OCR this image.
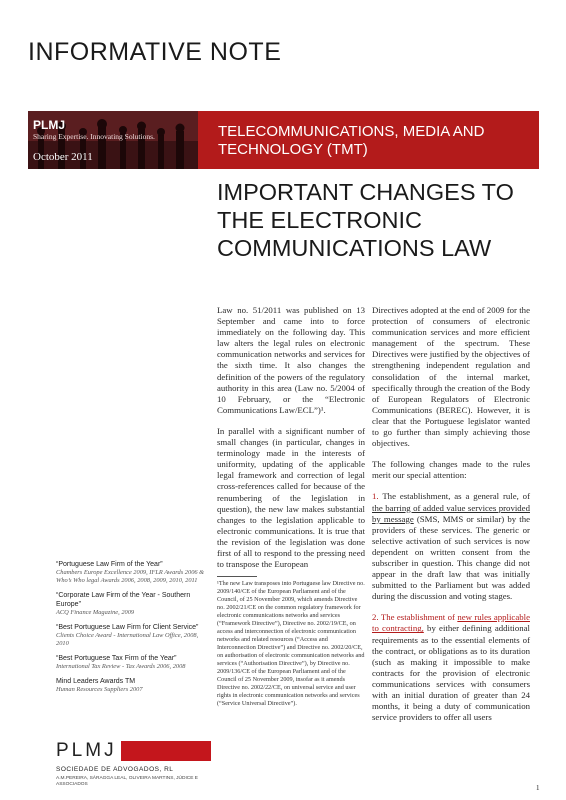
INFORMATIVE NOTE
PLMJ
Sharing Expertise. Innovating Solutions.
October 2011
TELECOMMUNICATIONS, MEDIA AND TECHNOLOGY (TMT)
IMPORTANT CHANGES TO THE ELECTRONIC COMMUNICATIONS LAW

Law no. 51/2011 was published on 13 September and came into to force immediately on the following day. This law alters the legal rules on electronic communication networks and services for the sixth time. It also changes the definition of the powers of the regulatory authority in this area (Law no. 5/2004 of 10 February, or the “Electronic Communications Law/ECL”)¹.

In parallel with a significant number of small changes (in particular, changes in terminology made in the interests of uniformity, updating of the applicable legal framework and correction of legal cross-references called for because of the renumbering of the legislation in question), the new law makes substantial changes to the legislation applicable to electronic communications. It is true that the revision of the legislation was done first of all to respond to the pressing need to transpose the European

Directives adopted at the end of 2009 for the protection of consumers of electronic communication services and more efficient management of the spectrum. These Directives were justified by the objectives of strengthening independent regulation and consolidation of the internal market, specifically through the creation of the Body of European Regulators of Electronic Communications (BEREC). However, it is clear that the Portuguese legislator wanted to go further than simply achieving those objectives.

The following changes made to the rules merit our special attention:

1. The establishment, as a general rule, of the barring of added value services provided by message (SMS, MMS or similar) by the providers of these services. The generic or selective activation of such services is now dependent on written consent from the subscriber in question. This change did not appear in the draft law that was initially submitted to the Parliament but was added during the discussion and voting stages.

2. The establishment of new rules applicable to contracting, by either defining additional requirements as to the essential elements of the contract, or obligations as to its duration (such as making it impossible to make contracts for the provision of electronic communications services with consumers with an initial duration of greater than 24 months, it being a duty of communication service providers to offer all users

¹The new Law transposes into Portuguese law Directive no. 2009/140/CE of the European Parliament and of the Council, of 25 November 2009, which amends Directive no. 2002/21/CE on the common regulatory framework for electronic communications networks and services (“Framework Directive”), Directive no. 2002/19/CE, on access and interconnection of electronic communication networks and related resources (“Access and Interconnection Directive”) and Directive no. 2002/20/CE, on authorisation of electronic communication networks and services (“Authorisation Directive”), by Directive no. 2009/136/CE of the European Parliament and of the Council of 25 November 2009, insofar as it amends Directive no. 2002/22/CE, on universal service and user rights in electronic communication networks and services (“Service Universal Directive”).
“Portuguese Law Firm of the Year”
Chambers Europe Excellence 2009, IFLR Awards 2006 & Who’s Who legal Awards 2006, 2008, 2009, 2010, 2011
“Corporate Law Firm of the Year - Southern Europe”
ACQ Finance Magazine, 2009
“Best Portuguese Law Firm for Client Service”
Clients Choice Award - International Law Office, 2008, 2010
“Best Portuguese Tax Firm of the Year”
International Tax Review - Tax Awards 2006, 2008
Mind Leaders Awards TM
Human Resources Suppliers 2007
PLMJ
SOCIEDADE DE ADVOGADOS, RL
A.M.PEREIRA, SÁRAGGA LEAL, OLIVEIRA MARTINS, JÚDICE E ASSOCIADOS	1
